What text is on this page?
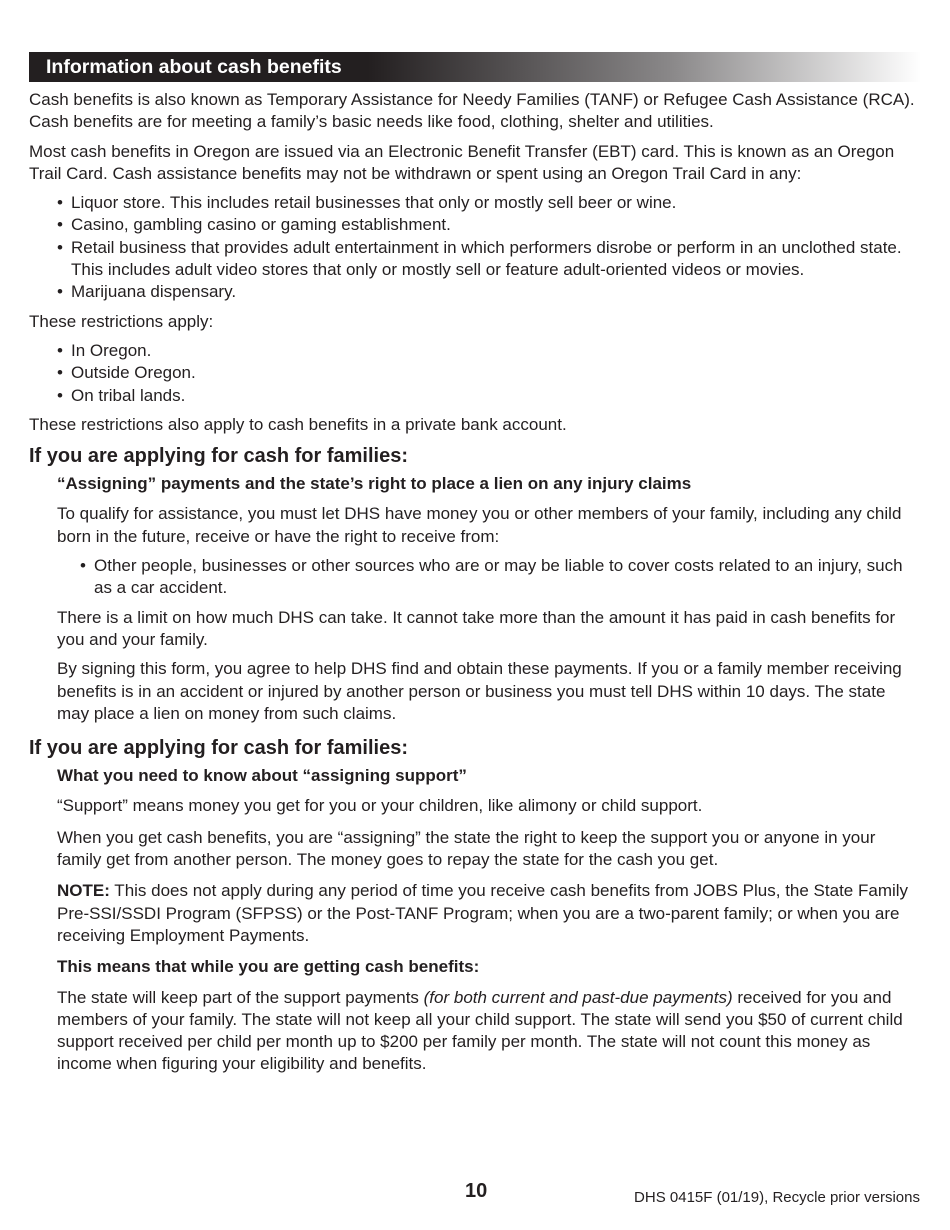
Information about cash benefits

Cash benefits is also known as Temporary Assistance for Needy Families (TANF) or Refugee Cash Assistance (RCA). Cash benefits are for meeting a family’s basic needs like food, clothing, shelter and utilities.

Most cash benefits in Oregon are issued via an Electronic Benefit Transfer (EBT) card. This is known as an Oregon Trail Card. Cash assistance benefits may not be withdrawn or spent using an Oregon Trail Card in any:

• Liquor store. This includes retail businesses that only or mostly sell beer or wine.
• Casino, gambling casino or gaming establishment.
• Retail business that provides adult entertainment in which performers disrobe or perform in an unclothed state. This includes adult video stores that only or mostly sell or feature adult-oriented videos or movies.
• Marijuana dispensary.

These restrictions apply:

• In Oregon.
• Outside Oregon.
• On tribal lands.

These restrictions also apply to cash benefits in a private bank account.

If you are applying for cash for families:
“Assigning” payments and the state’s right to place a lien on any injury claims

To qualify for assistance, you must let DHS have money you or other members of your family, including any child born in the future, receive or have the right to receive from:

• Other people, businesses or other sources who are or may be liable to cover costs related to an injury, such as a car accident.

There is a limit on how much DHS can take. It cannot take more than the amount it has paid in cash benefits for you and your family.

By signing this form, you agree to help DHS find and obtain these payments. If you or a family member receiving benefits is in an accident or injured by another person or business you must tell DHS within 10 days. The state may place a lien on money from such claims.

If you are applying for cash for families:
What you need to know about “assigning support”

“Support” means money you get for you or your children, like alimony or child support.

When you get cash benefits, you are “assigning” the state the right to keep the support you or anyone in your family get from another person. The money goes to repay the state for the cash you get.

NOTE: This does not apply during any period of time you receive cash benefits from JOBS Plus, the State Family Pre-SSI/SSDI Program (SFPSS) or the Post-TANF Program; when you are a two-parent family; or when you are receiving Employment Payments.

This means that while you are getting cash benefits:

The state will keep part of the support payments (for both current and past-due payments) received for you and members of your family. The state will not keep all your child support. The state will send you $50 of current child support received per child per month up to $200 per family per month. The state will not count this money as income when figuring your eligibility and benefits.

10	DHS 0415F (01/19), Recycle prior versions
